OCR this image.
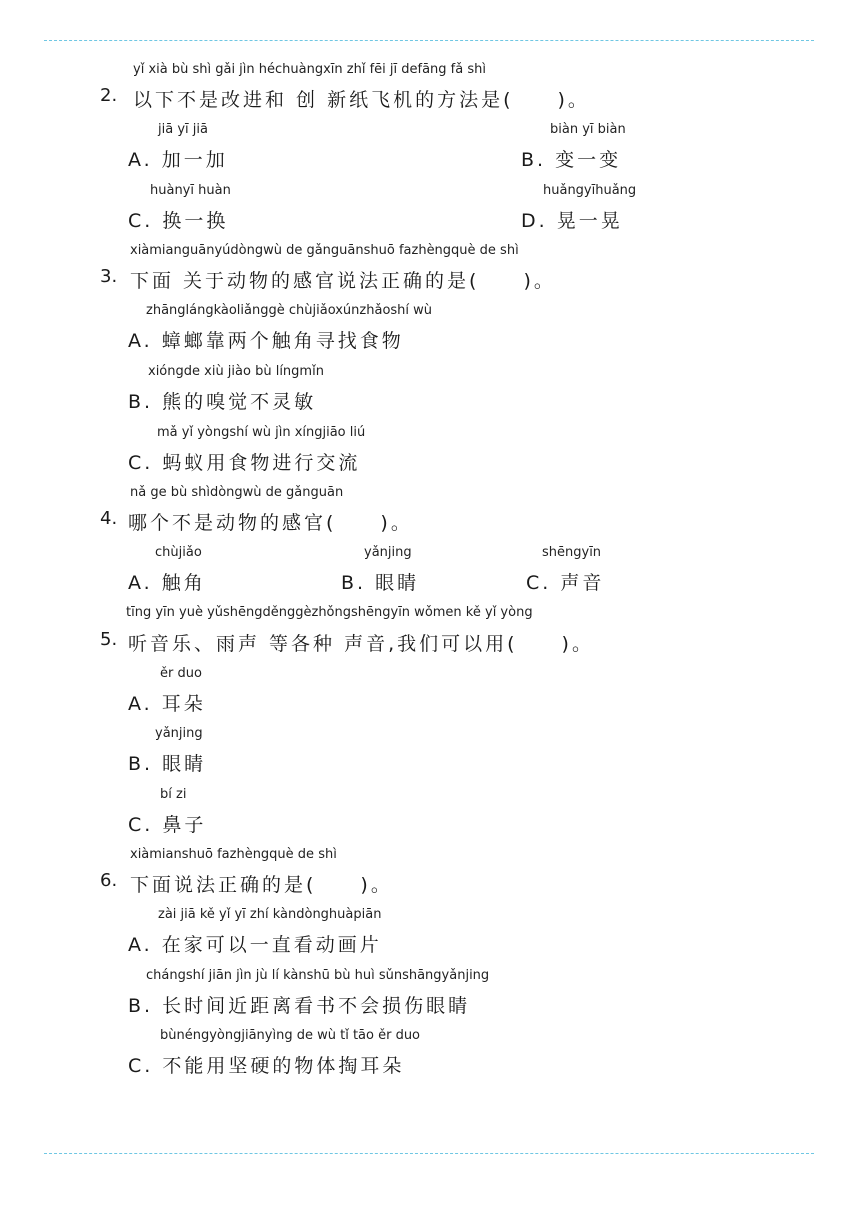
yǐ xià bù shì gǎi jìn héchuàngxīn zhǐ fēi jī defāng fǎ shì
2. 以下不是改进和 创 新纸飞机的方法是(　　)。
jiā yī jiā
A. 加一加
biàn yī biàn
B. 变一变
huànyī huàn
C. 换一换
huǎngyīhuǎng
D. 晃一晃
xiàmianguānyúdòngwù de gǎnguānshuō fazhèngquè de shì
3. 下面 关于动物的感官说法正确的是(　　)。
zhānglángkàoliǎnggè chùjiǎoxúnzhǎoshí wù
A. 蟑螂靠两个触角寻找食物
xióngde xiù jiào bù língmǐn
B. 熊的嗅觉不灵敏
mǎ yǐ yòngshí wù jìn xíngjiāo liú
C. 蚂蚁用食物进行交流
nǎ ge bù shìdòngwù de gǎnguān
4. 哪个不是动物的感官(　　)。
chùjiǎo
A. 触角
yǎnjing
B. 眼睛
shēngyīn
C. 声音
tīng yīn yuè yǔshēngděnggèzhǒngshēngyīn wǒmen kě yǐ yòng
5. 听音乐、雨声 等各种 声音,我们可以用(　　)。
ěr duo
A. 耳朵
yǎnjing
B. 眼睛
bí zi
C. 鼻子
xiàmianshuō fazhèngquè de shì
6. 下面说法正确的是(　　)。
zài jiā kě yǐ yī zhí kàndònghuàpiān
A. 在家可以一直看动画片
chángshí jiān jìn jù lí kànshū bù huì sǔnshāngyǎnjing
B. 长时间近距离看书不会损伤眼睛
bùnéngyòngjiānyìng de wù tǐ tāo ěr duo
C. 不能用坚硬的物体掏耳朵
